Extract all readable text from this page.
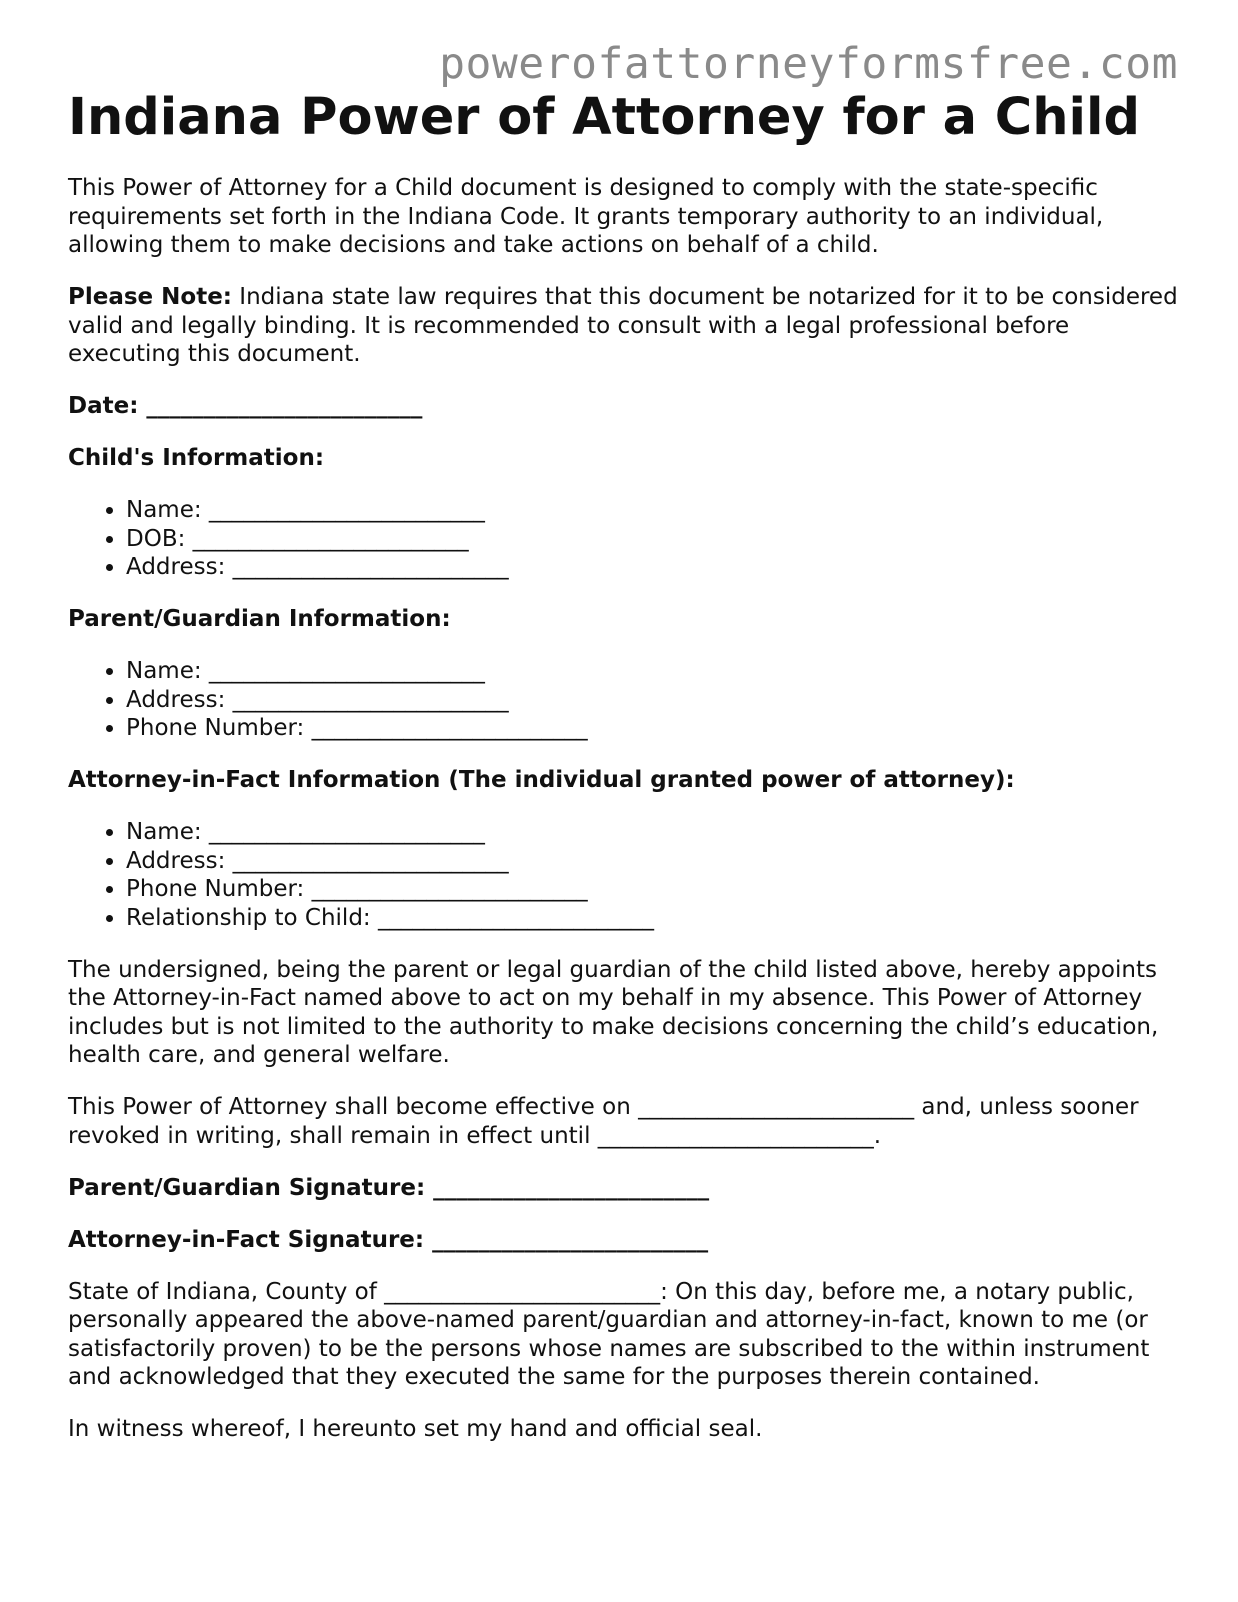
powerofattorneyformsfree.com
Indiana Power of Attorney for a Child

This Power of Attorney for a Child document is designed to comply with the state-specific requirements set forth in the Indiana Code. It grants temporary authority to an individual, allowing them to make decisions and take actions on behalf of a child.

Please Note: Indiana state law requires that this document be notarized for it to be considered valid and legally binding. It is recommended to consult with a legal professional before executing this document.

Date: ________________________

Child's Information:

• Name: ________________________
• DOB: ________________________
• Address: ________________________

Parent/Guardian Information:

• Name: ________________________
• Address: ________________________
• Phone Number: ________________________

Attorney-in-Fact Information (The individual granted power of attorney):

• Name: ________________________
• Address: ________________________
• Phone Number: ________________________
• Relationship to Child: ________________________

The undersigned, being the parent or legal guardian of the child listed above, hereby appoints the Attorney-in-Fact named above to act on my behalf in my absence. This Power of Attorney includes but is not limited to the authority to make decisions concerning the child’s education, health care, and general welfare.

This Power of Attorney shall become effective on ________________________ and, unless sooner revoked in writing, shall remain in effect until ________________________.

Parent/Guardian Signature: ________________________

Attorney-in-Fact Signature: ________________________

State of Indiana, County of ________________________: On this day, before me, a notary public, personally appeared the above-named parent/guardian and attorney-in-fact, known to me (or satisfactorily proven) to be the persons whose names are subscribed to the within instrument and acknowledged that they executed the same for the purposes therein contained.

In witness whereof, I hereunto set my hand and official seal.
